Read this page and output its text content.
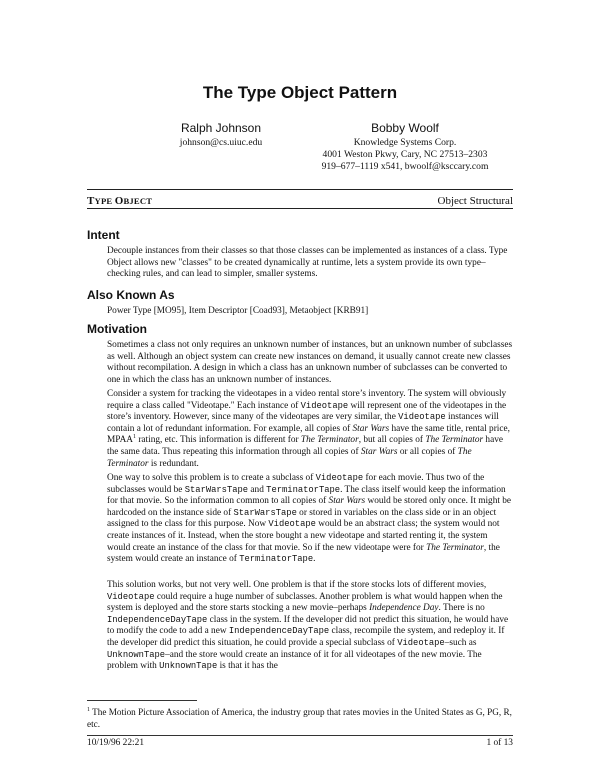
The Type Object Pattern
Ralph Johnson
johnson@cs.uiuc.edu
Bobby Woolf
Knowledge Systems Corp.
4001 Weston Pkwy, Cary, NC 27513–2303
919–677–1119 x541, bwoolf@ksccary.com
TYPE OBJECT	Object Structural
Intent
Decouple instances from their classes so that those classes can be implemented as instances of a class. Type Object allows new "classes" to be created dynamically at runtime, lets a system provide its own type–checking rules, and can lead to simpler, smaller systems.
Also Known As
Power Type [MO95], Item Descriptor [Coad93], Metaobject [KRB91]
Motivation
Sometimes a class not only requires an unknown number of instances, but an unknown number of subclasses as well. Although an object system can create new instances on demand, it usually cannot create new classes without recompilation. A design in which a class has an unknown number of subclasses can be converted to one in which the class has an unknown number of instances.
Consider a system for tracking the videotapes in a video rental store’s inventory. The system will obviously require a class called "Videotape." Each instance of Videotape will represent one of the videotapes in the store’s inventory. However, since many of the videotapes are very similar, the Videotape instances will contain a lot of redundant information. For example, all copies of Star Wars have the same title, rental price, MPAA$^1$ rating, etc. This information is different for The Terminator, but all copies of The Terminator have the same data. Thus repeating this information through all copies of Star Wars or all copies of The Terminator is redundant.
One way to solve this problem is to create a subclass of Videotape for each movie. Thus two of the subclasses would be StarWarsTape and TerminatorTape. The class itself would keep the information for that movie. So the information common to all copies of Star Wars would be stored only once. It might be hardcoded on the instance side of StarWarsTape or stored in variables on the class side or in an object assigned to the class for this purpose. Now Videotape would be an abstract class; the system would not create instances of it. Instead, when the store bought a new videotape and started renting it, the system would create an instance of the class for that movie. So if the new videotape were for The Terminator, the system would create an instance of TerminatorTape.
This solution works, but not very well. One problem is that if the store stocks lots of different movies, Videotape could require a huge number of subclasses. Another problem is what would happen when the system is deployed and the store starts stocking a new movie–perhaps Independence Day. There is no IndependenceDayTape class in the system. If the developer did not predict this situation, he would have to modify the code to add a new IndependenceDayTape class, recompile the system, and redeploy it. If the developer did predict this situation, he could provide a special subclass of Videotape–such as UnknownTape–and the store would create an instance of it for all videotapes of the new movie. The problem with UnknownTape is that it has the
$^1$ The Motion Picture Association of America, the industry group that rates movies in the United States as G, PG, R, etc.
10/19/96 22:21	1 of 13
